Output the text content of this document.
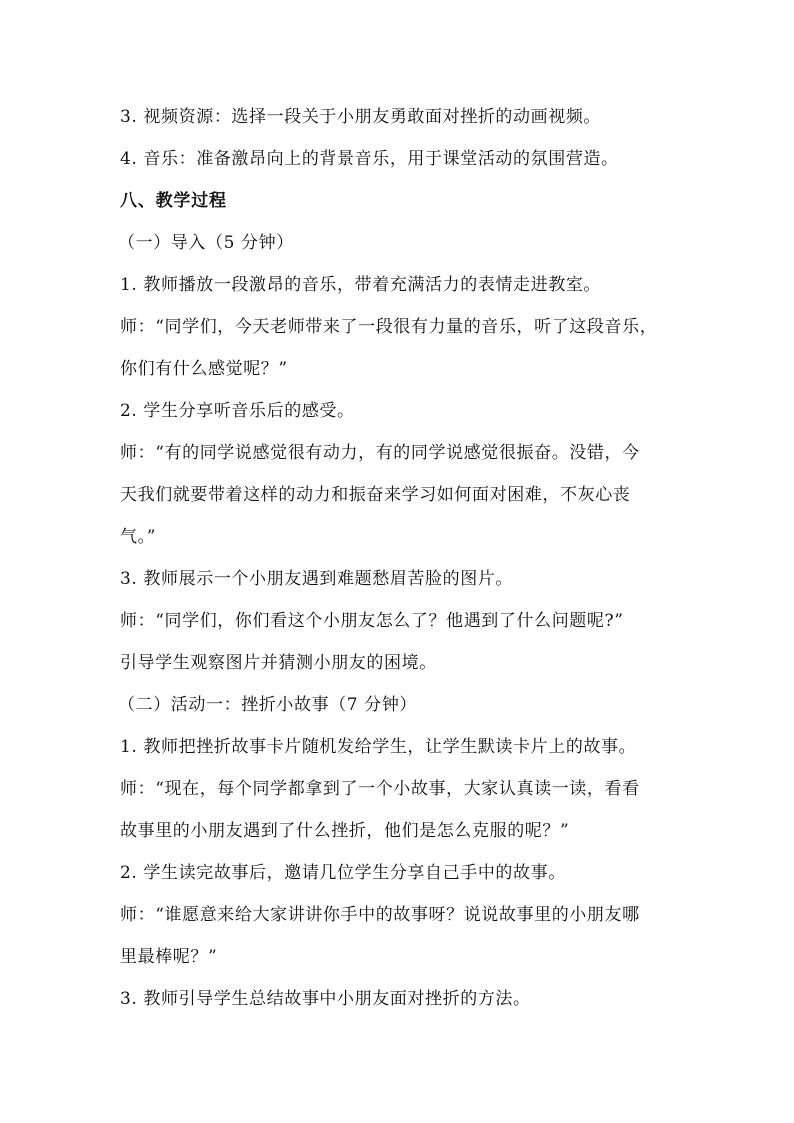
3. 视频资源：选择一段关于小朋友勇敢面对挫折的动画视频。
4. 音乐：准备激昂向上的背景音乐，用于课堂活动的氛围营造。
八、教学过程
（一）导入（5 分钟）
1. 教师播放一段激昂的音乐，带着充满活力的表情走进教室。
师：“同学们，今天老师带来了一段很有力量的音乐，听了这段音乐，
你们有什么感觉呢？”
2. 学生分享听音乐后的感受。
师：“有的同学说感觉很有动力，有的同学说感觉很振奋。没错，今
天我们就要带着这样的动力和振奋来学习如何面对困难，不灰心丧
气。”
3. 教师展示一个小朋友遇到难题愁眉苦脸的图片。
师：“同学们，你们看这个小朋友怎么了？他遇到了什么问题呢?”
引导学生观察图片并猜测小朋友的困境。
（二）活动一：挫折小故事（7 分钟）
1. 教师把挫折故事卡片随机发给学生，让学生默读卡片上的故事。
师：“现在，每个同学都拿到了一个小故事，大家认真读一读，看看
故事里的小朋友遇到了什么挫折，他们是怎么克服的呢？”
2. 学生读完故事后，邀请几位学生分享自己手中的故事。
师：“谁愿意来给大家讲讲你手中的故事呀？说说故事里的小朋友哪
里最棒呢？”
3. 教师引导学生总结故事中小朋友面对挫折的方法。
